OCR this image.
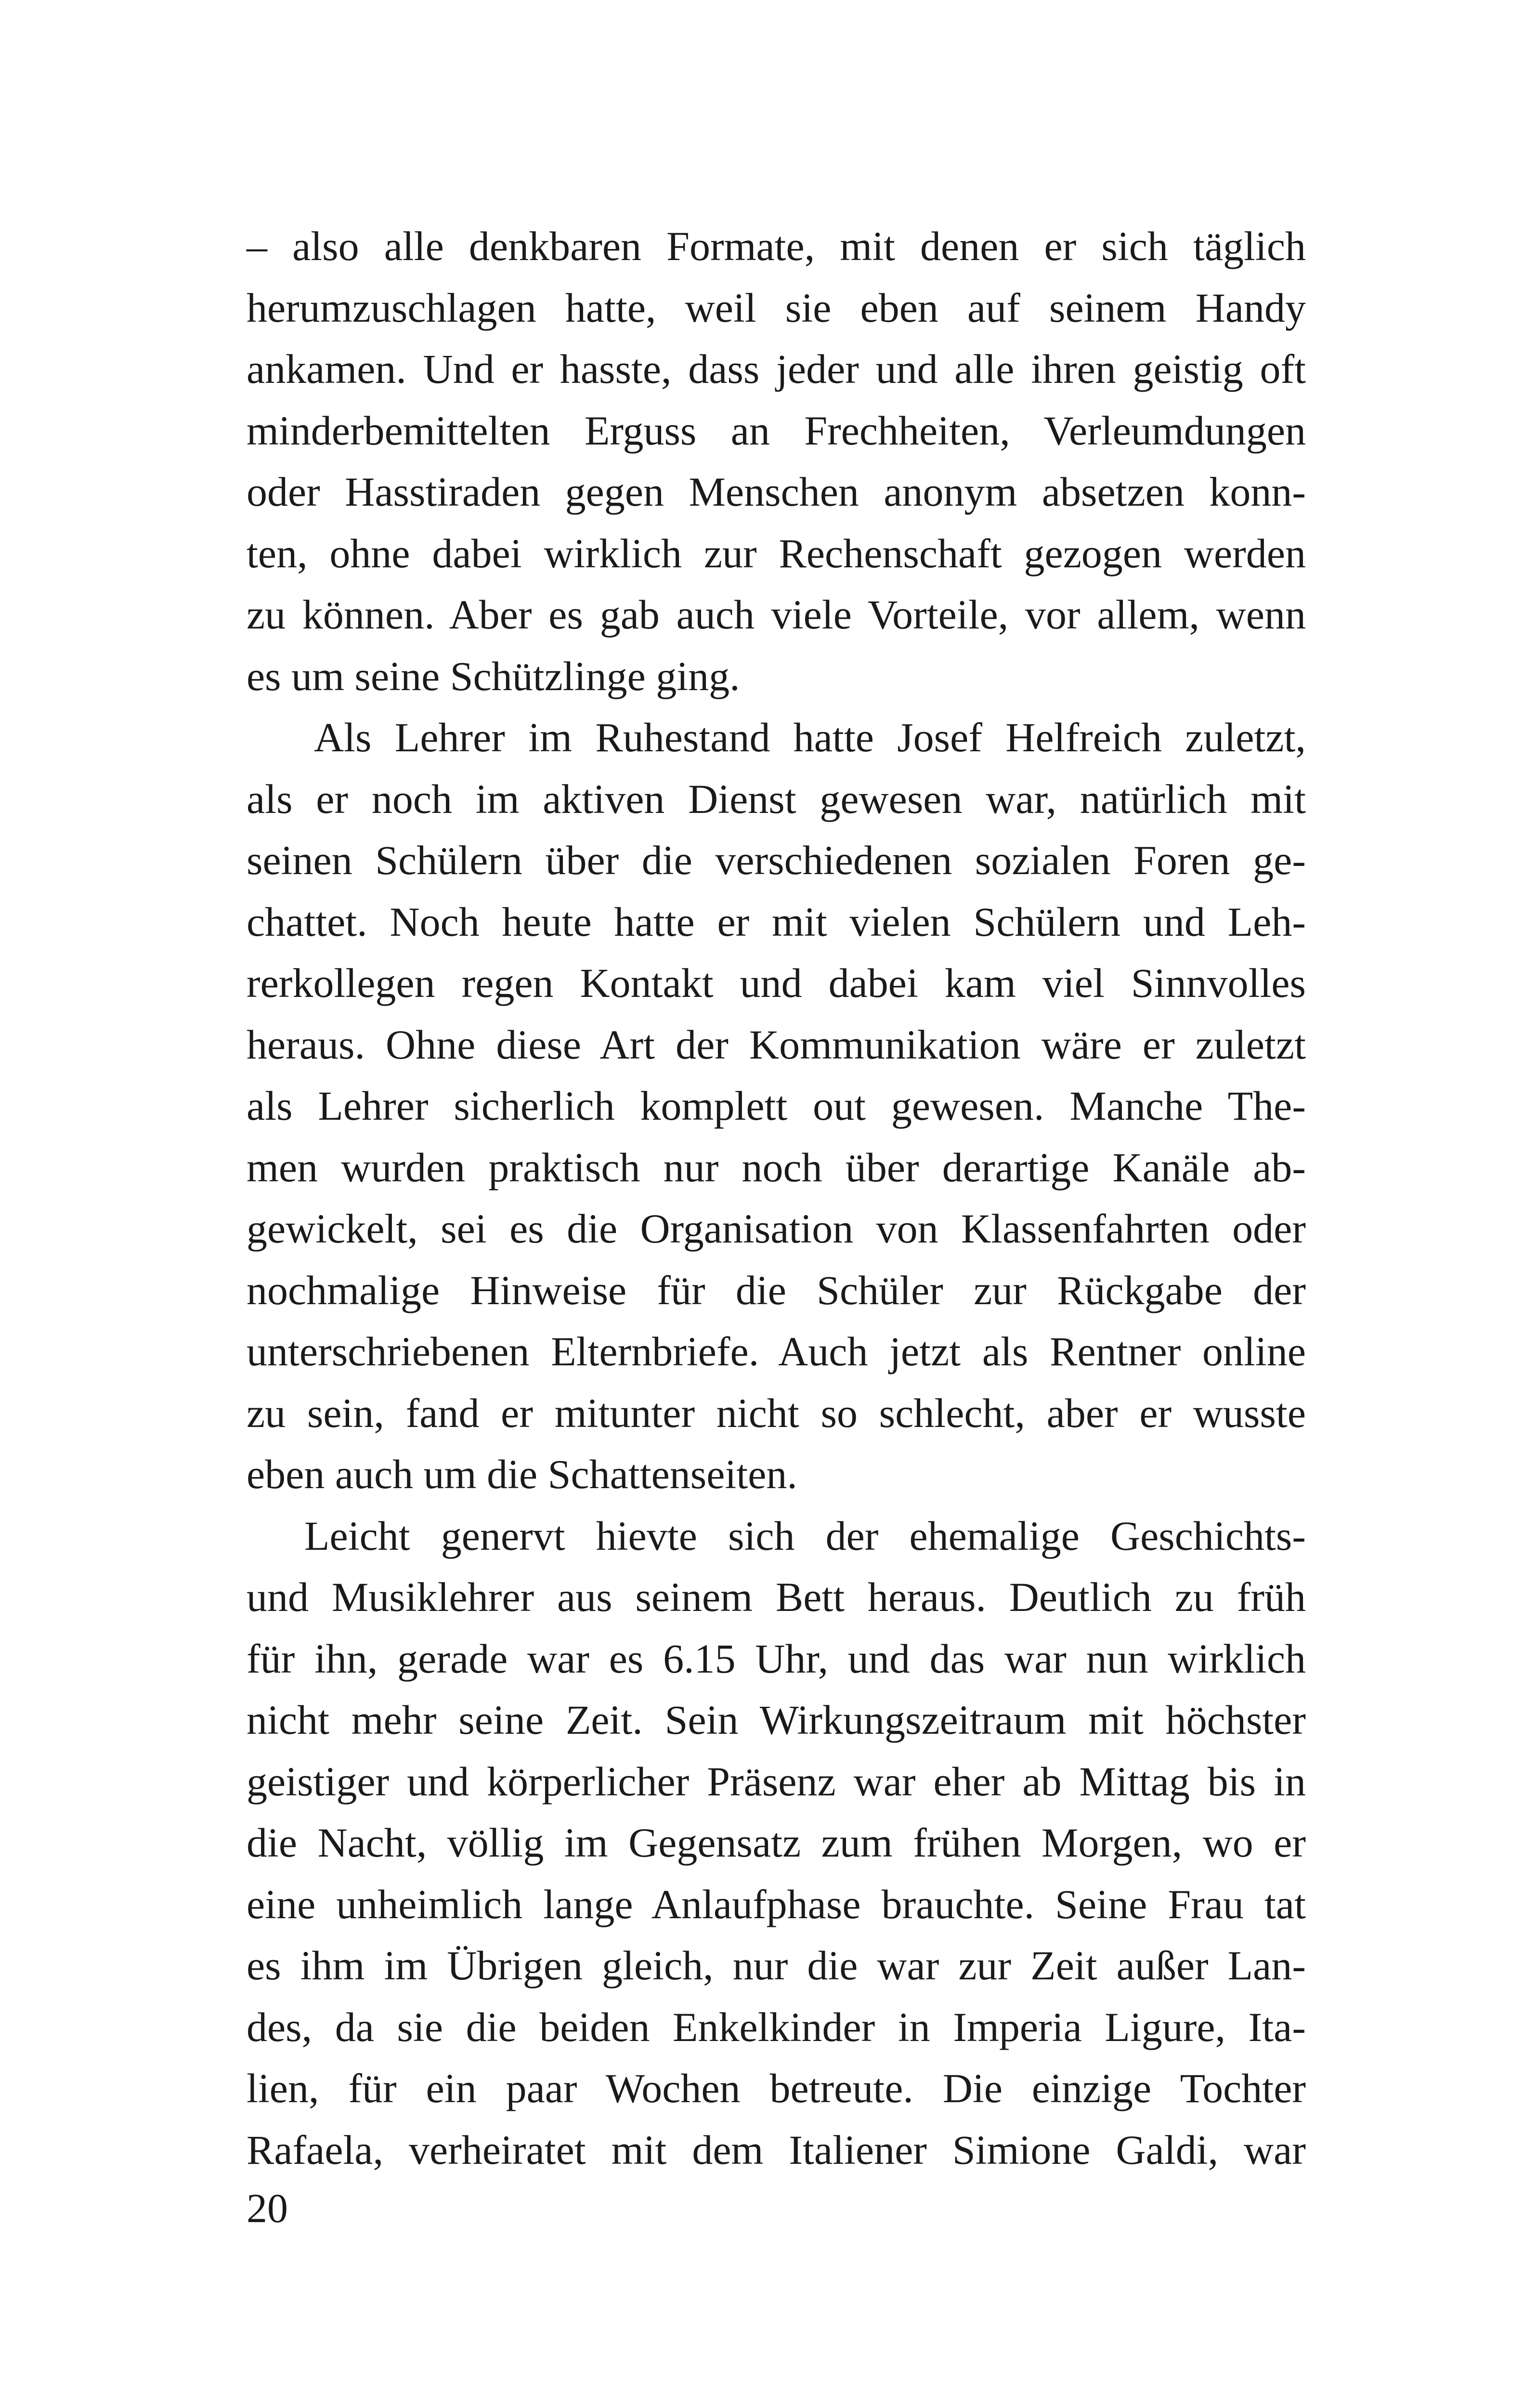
– also alle denkbaren Formate, mit denen er sich täglich
herumzuschlagen hatte, weil sie eben auf seinem Handy
ankamen. Und er hasste, dass jeder und alle ihren geistig oft
minderbemittelten Erguss an Frechheiten, Verleumdungen
oder Hasstiraden gegen Menschen anonym absetzen konn-
ten, ohne dabei wirklich zur Rechenschaft gezogen werden
zu können. Aber es gab auch viele Vorteile, vor allem, wenn
es um seine Schützlinge ging.
Als Lehrer im Ruhestand hatte Josef Helfreich zuletzt,
als er noch im aktiven Dienst gewesen war, natürlich mit
seinen Schülern über die verschiedenen sozialen Foren ge-
chattet. Noch heute hatte er mit vielen Schülern und Leh-
rerkollegen regen Kontakt und dabei kam viel Sinnvolles
heraus. Ohne diese Art der Kommunikation wäre er zuletzt
als Lehrer sicherlich komplett out gewesen. Manche The-
men wurden praktisch nur noch über derartige Kanäle ab-
gewickelt, sei es die Organisation von Klassenfahrten oder
nochmalige Hinweise für die Schüler zur Rückgabe der
unterschriebenen Elternbriefe. Auch jetzt als Rentner online
zu sein, fand er mitunter nicht so schlecht, aber er wusste
eben auch um die Schattenseiten.
Leicht genervt hievte sich der ehemalige Geschichts-
und Musiklehrer aus seinem Bett heraus. Deutlich zu früh
für ihn, gerade war es 6.15 Uhr, und das war nun wirklich
nicht mehr seine Zeit. Sein Wirkungszeitraum mit höchster
geistiger und körperlicher Präsenz war eher ab Mittag bis in
die Nacht, völlig im Gegensatz zum frühen Morgen, wo er
eine unheimlich lange Anlaufphase brauchte. Seine Frau tat
es ihm im Übrigen gleich, nur die war zur Zeit außer Lan-
des, da sie die beiden Enkelkinder in Imperia Ligure, Ita-
lien, für ein paar Wochen betreute. Die einzige Tochter
Rafaela, verheiratet mit dem Italiener Simione Galdi, war
20
